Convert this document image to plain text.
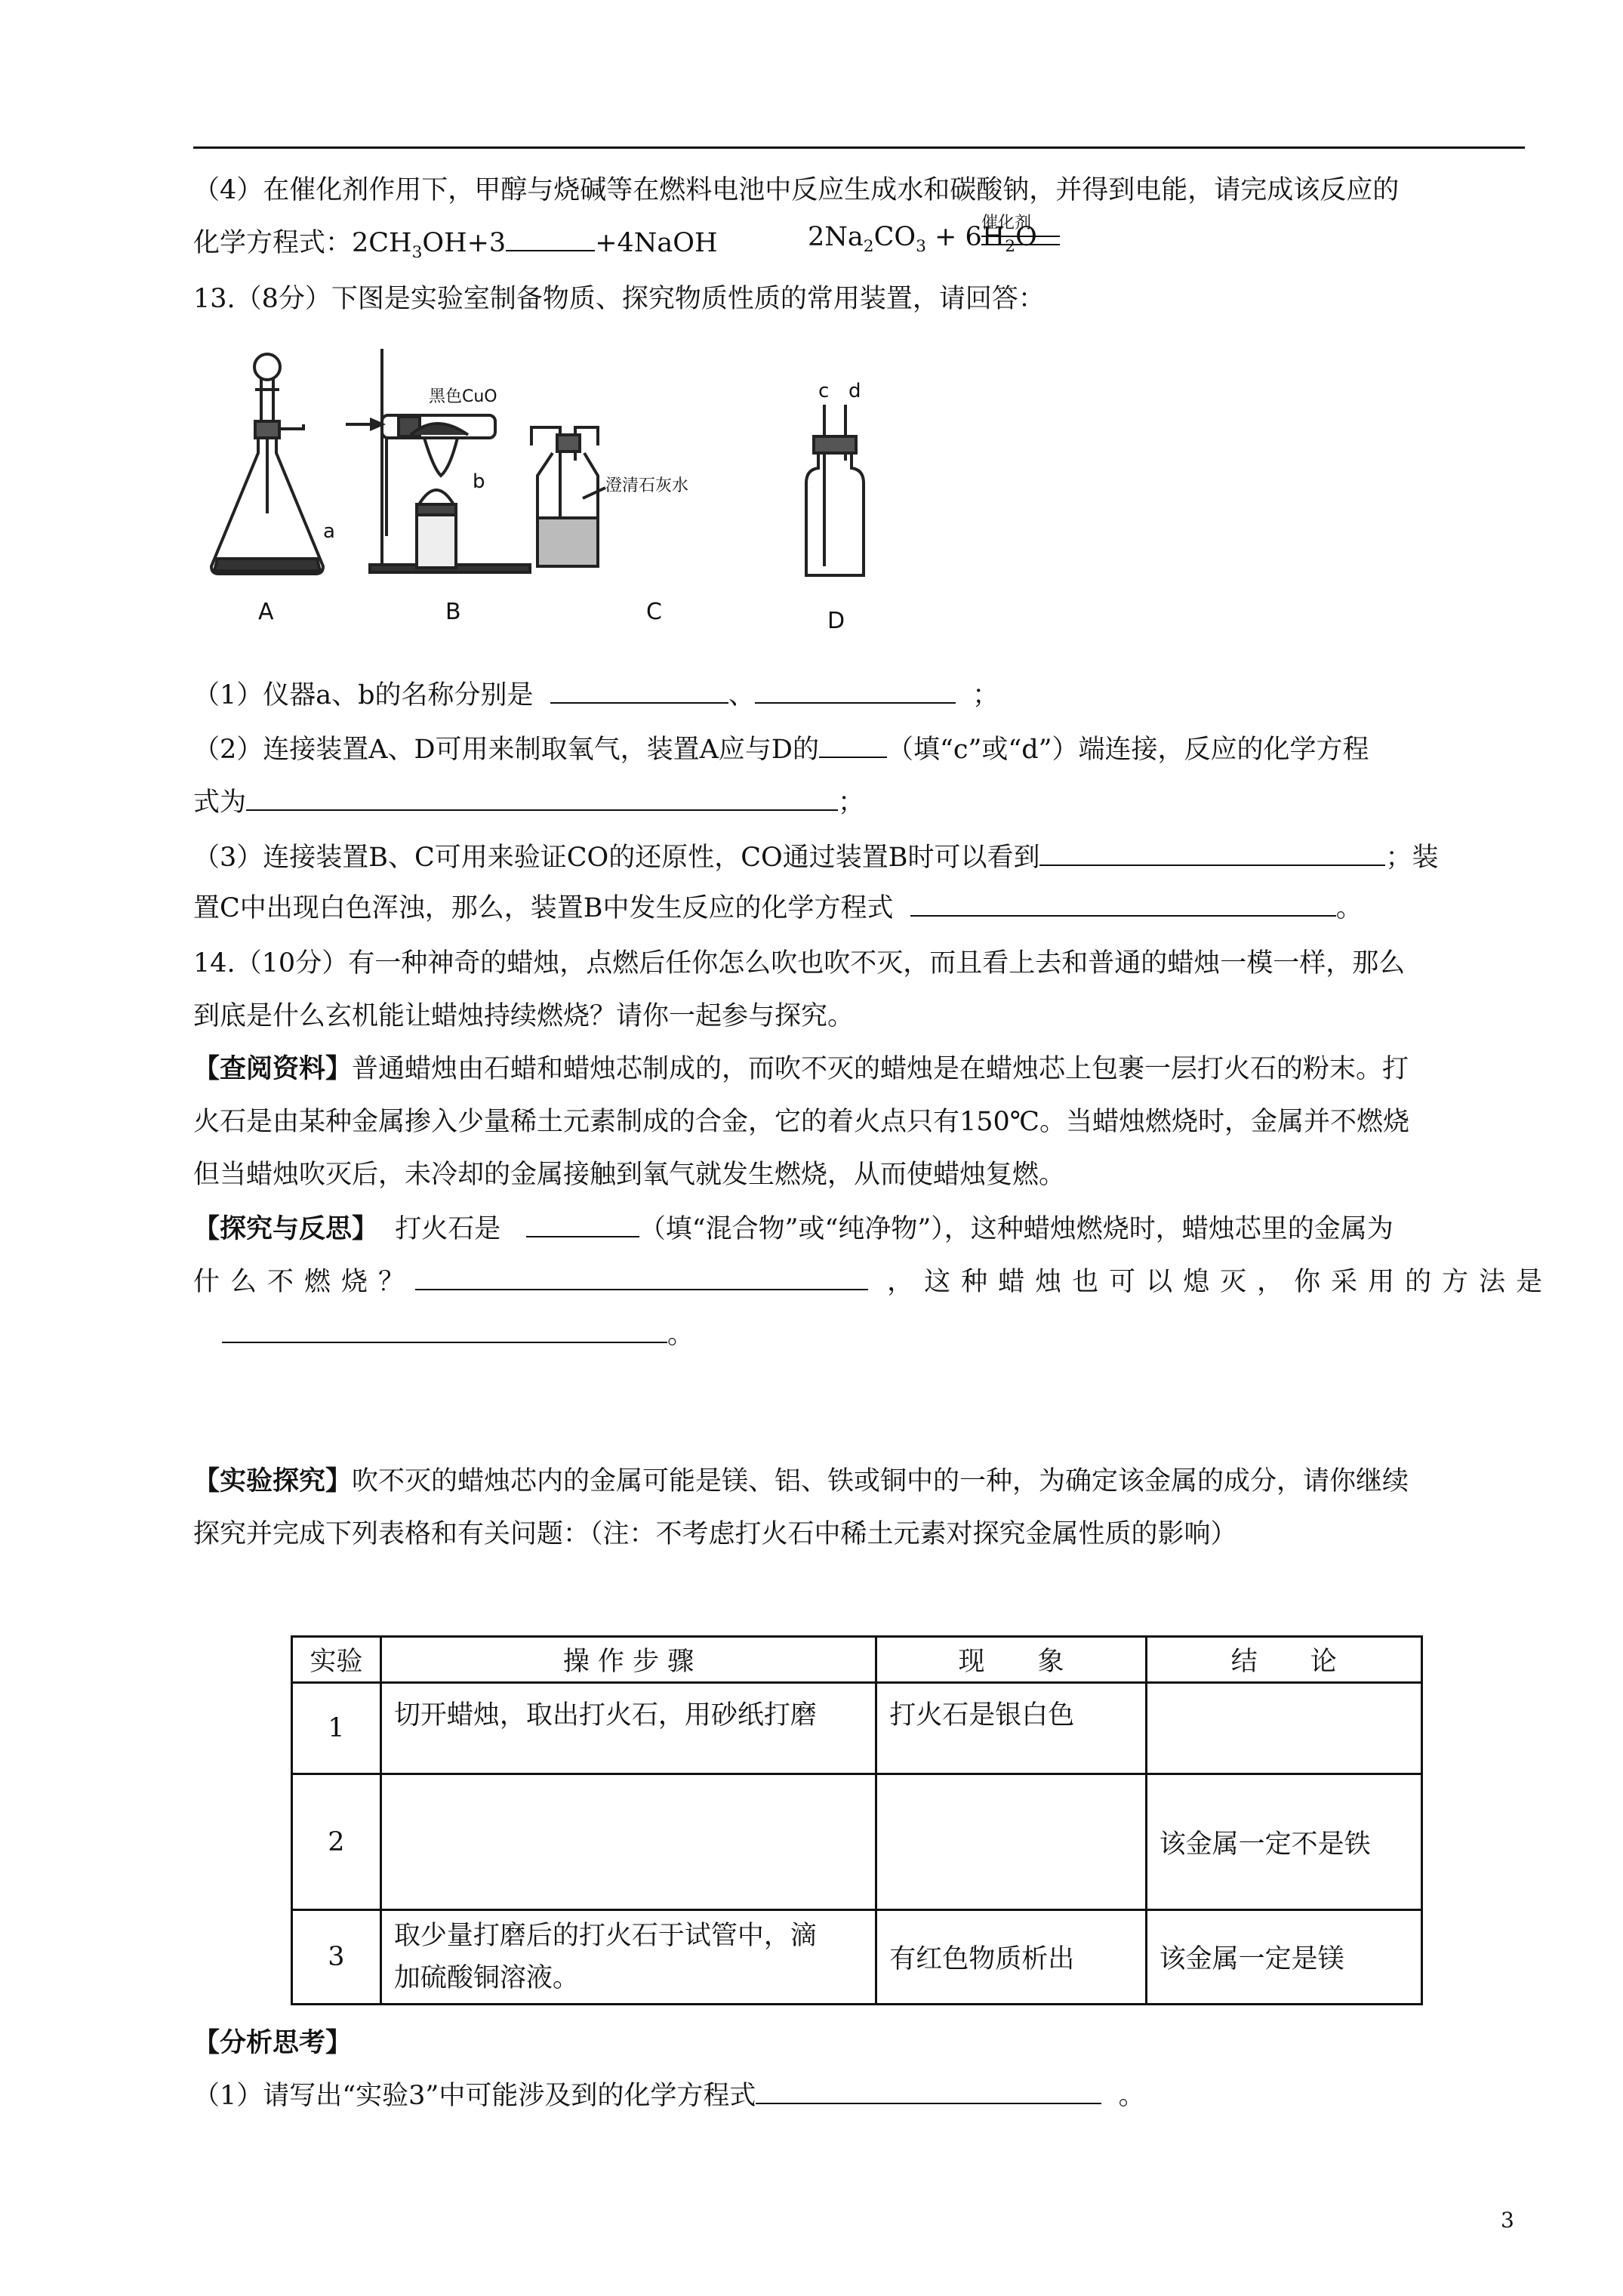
（4）在催化剂作用下，甲醇与烧碱等在燃料电池中反应生成水和碳酸钠，并得到电能，请完成该反应的
化学方程式：$2CH_3OH+3$	+4NaOH	$2Na_2CO_3 + 6H_2O$
催化剂
13.（8分）下图是实验室制备物质、探究物质性质的常用装置，请回答：
a
A
黑色CuO
b
B
澄清石灰水
C
c d
D
（1）仪器a、b的名称分别是	、	；
（2）连接装置A、D可用来制取氧气，装置A应与D的	（填“c”或“d”）端连接，反应的化学方程
式为	；
（3）连接装置B、C可用来验证CO的还原性，CO通过装置B时可以看到	；装
置C中出现白色浑浊，那么，装置B中发生反应的化学方程式	。
14.（10分）有一种神奇的蜡烛，点燃后任你怎么吹也吹不灭，而且看上去和普通的蜡烛一模一样，那么
到底是什么玄机能让蜡烛持续燃烧？请你一起参与探究。
【查阅资料】普通蜡烛由石蜡和蜡烛芯制成的，而吹不灭的蜡烛是在蜡烛芯上包裹一层打火石的粉末。打
火石是由某种金属掺入少量稀土元素制成的合金，它的着火点只有150℃。当蜡烛燃烧时，金属并不燃烧
但当蜡烛吹灭后，未冷却的金属接触到氧气就发生燃烧，从而使蜡烛复燃。
【探究与反思】 打火石是	（填“混合物”或“纯净物”），这种蜡烛燃烧时，蜡烛芯里的金属为
什么不燃烧？	，这种蜡烛也可以熄灭，你采用的方法是
。
【实验探究】吹不灭的蜡烛芯内的金属可能是镁、铝、铁或铜中的一种，为确定该金属的成分，请你继续
探究并完成下列表格和有关问题：（注：不考虑打火石中稀土元素对探究金属性质的影响）
实验	操 作 步 骤	现　　象	结　　论
1	切开蜡烛，取出打火石，用砂纸打磨	打火石是银白色	
2			该金属一定不是铁
3	取少量打磨后的打火石于试管中，滴
加硫酸铜溶液。	有红色物质析出	该金属一定是镁
【分析思考】
（1）请写出“实验3”中可能涉及到的化学方程式	。
3
